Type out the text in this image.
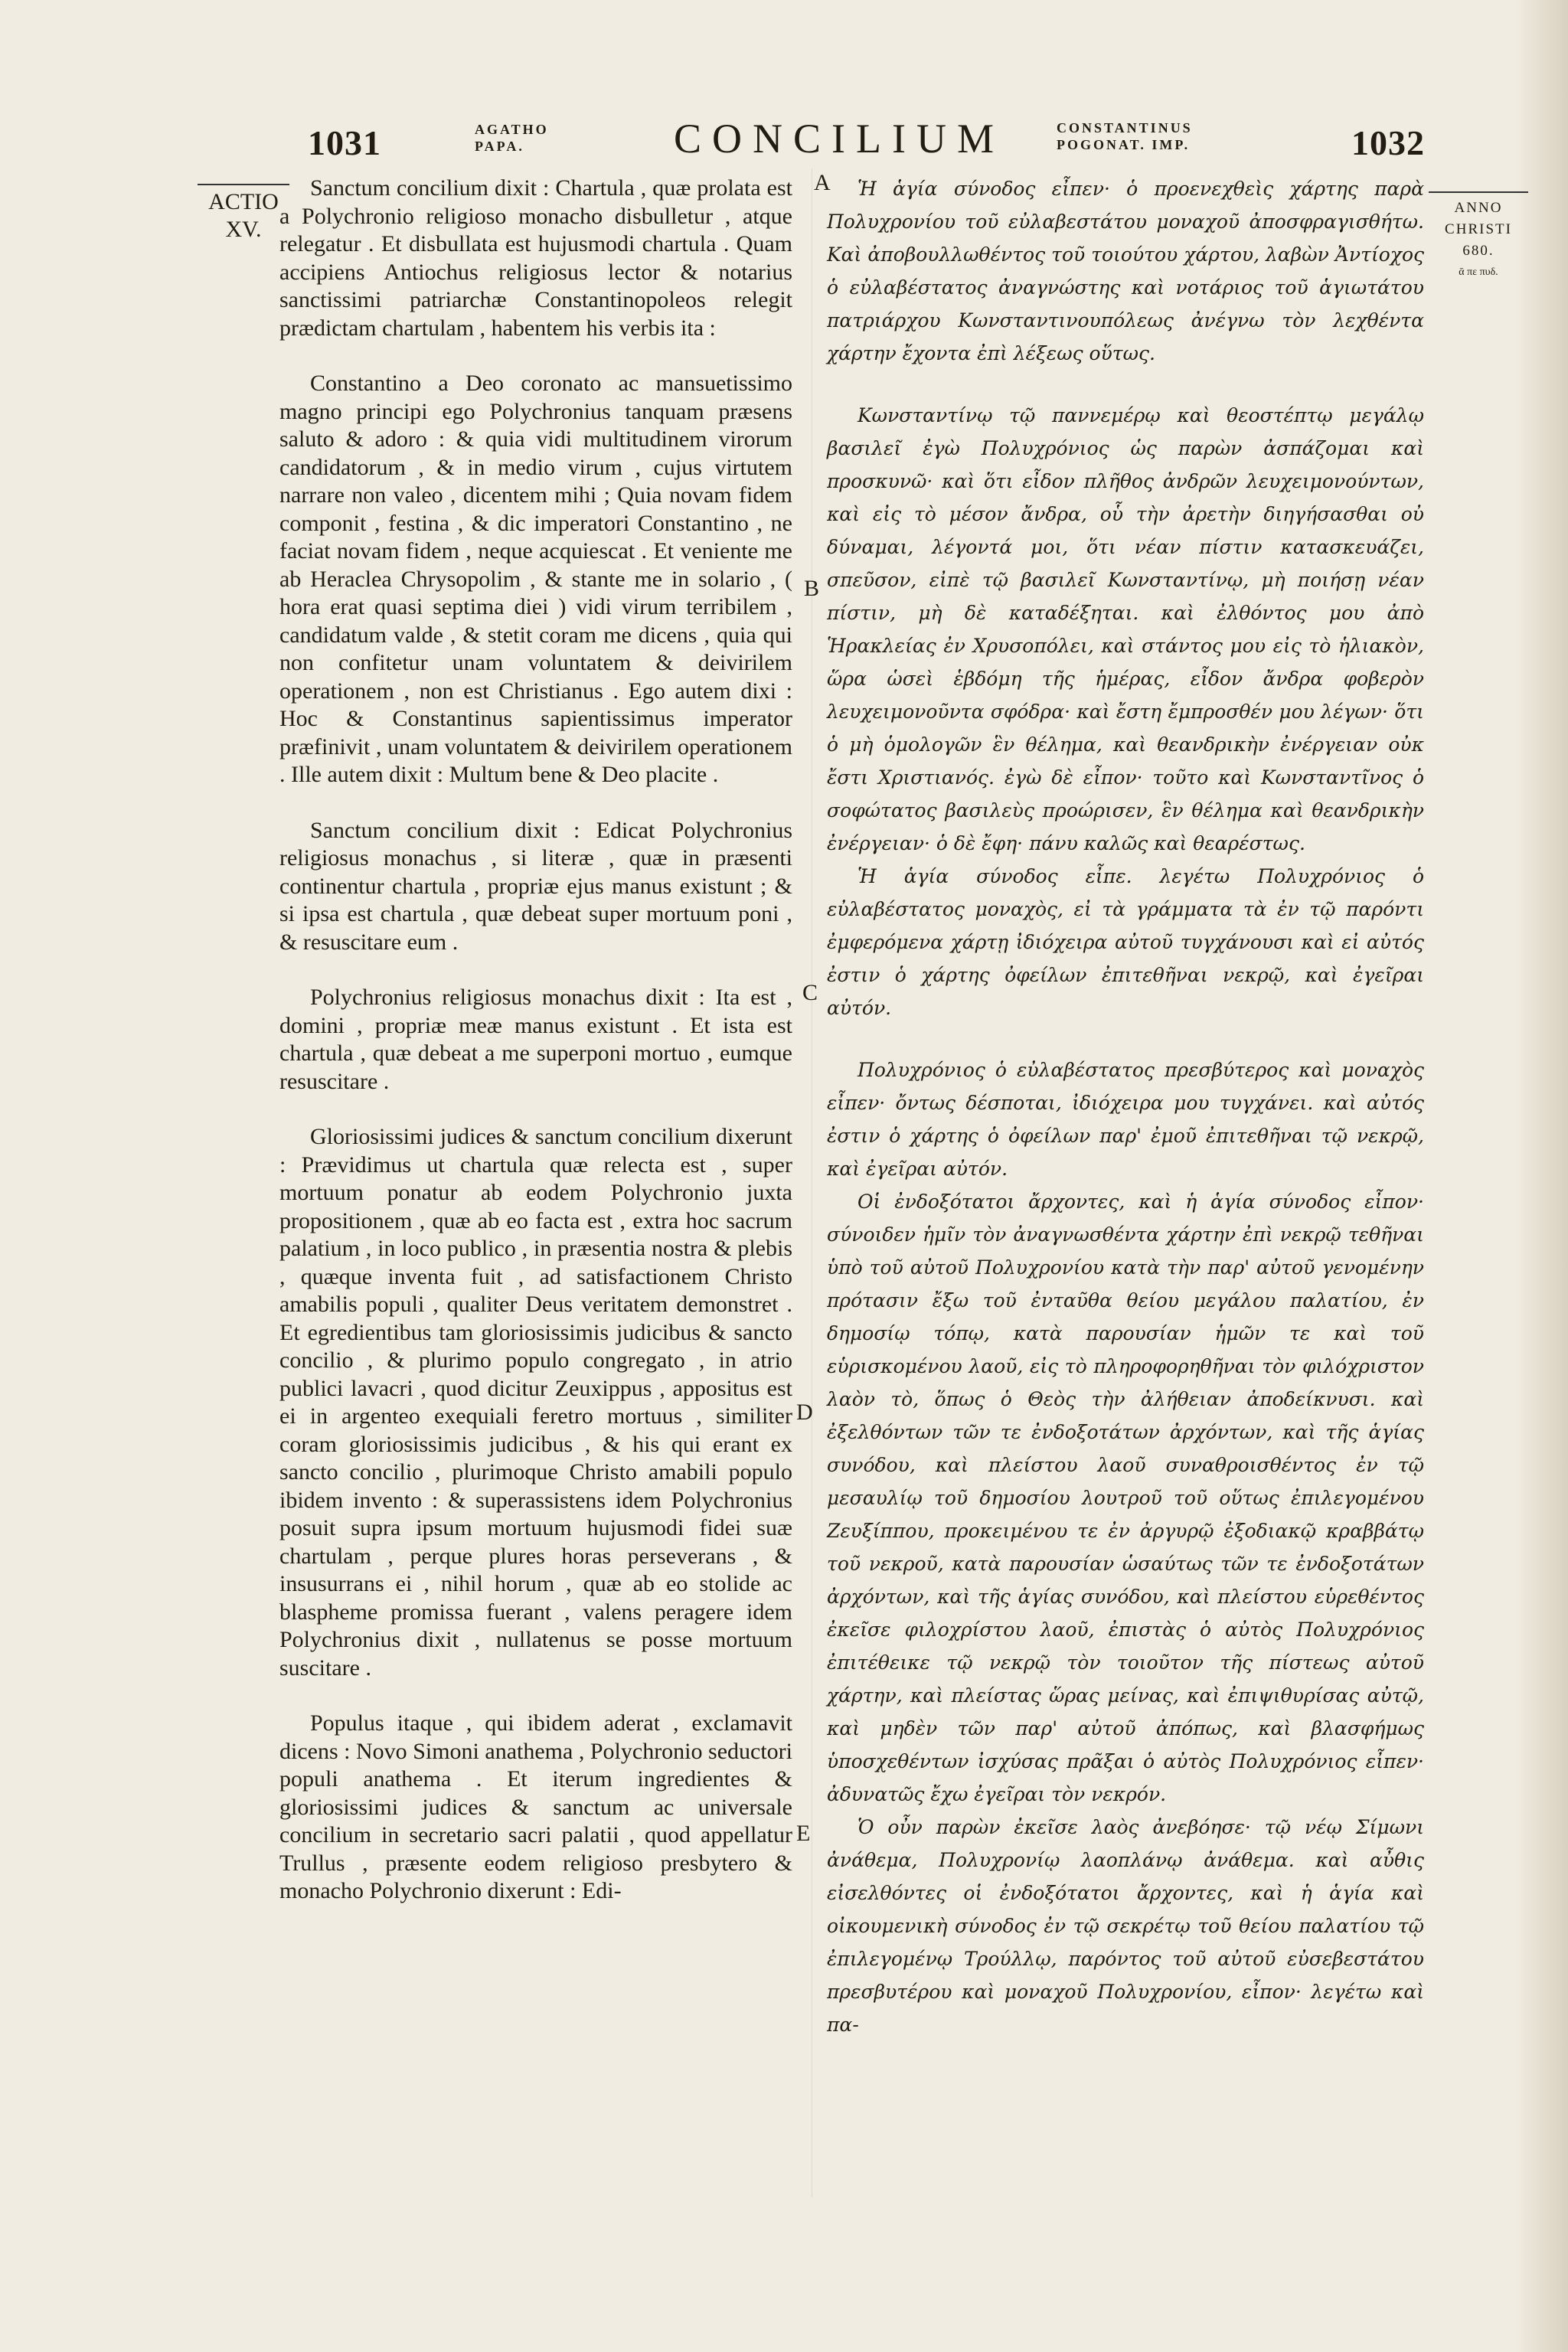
1031	AGATHO
PAPA.	CONCILIUM	CONSTANTINUS
POGONAT. IMP.	1032
ACTIO
XV.
ANNO
CHRISTI
680.
ᾱ πε πυδ.
A
B
C
D
E

Sanctum concilium dixit : Chartula , quæ prolata est a Polychronio religioso monacho disbulletur , atque relegatur . Et disbullata est hujusmodi chartula . Quam accipiens Antiochus religiosus lector & notarius sanctissimi patriarchæ Constantinopoleos relegit prædictam chartulam , habentem his verbis ita :

Constantino a Deo coronato ac mansuetissimo magno principi ego Polychronius tanquam præsens saluto & adoro : & quia vidi multitudinem virorum candidatorum , & in medio virum , cujus virtutem narrare non valeo , dicentem mihi ; Quia novam fidem componit , festina , & dic imperatori Constantino , ne faciat novam fidem , neque acquiescat . Et veniente me ab Heraclea Chrysopolim , & stante me in solario , ( hora erat quasi septima diei ) vidi virum terribilem , candidatum valde , & stetit coram me dicens , quia qui non confitetur unam voluntatem & deivirilem operationem , non est Christianus . Ego autem dixi : Hoc & Constantinus sapientissimus imperator præfinivit , unam voluntatem & deivirilem operationem . Ille autem dixit : Multum bene & Deo placite .

Sanctum concilium dixit : Edicat Polychronius religiosus monachus , si literæ , quæ in præsenti continentur chartula , propriæ ejus manus existunt ; & si ipsa est chartula , quæ debeat super mortuum poni , & resuscitare eum .

Polychronius religiosus monachus dixit : Ita est , domini , propriæ meæ manus existunt . Et ista est chartula , quæ debeat a me superponi mortuo , eumque resuscitare .

Gloriosissimi judices & sanctum concilium dixerunt : Prævidimus ut chartula quæ relecta est , super mortuum ponatur ab eodem Polychronio juxta propositionem , quæ ab eo facta est , extra hoc sacrum palatium , in loco publico , in præsentia nostra & plebis , quæque inventa fuit , ad satisfactionem Christo amabilis populi , qualiter Deus veritatem demonstret . Et egredientibus tam gloriosissimis judicibus & sancto concilio , & plurimo populo congregato , in atrio publici lavacri , quod dicitur Zeuxippus , appositus est ei in argenteo exequiali feretro mortuus , similiter coram gloriosissimis judicibus , & his qui erant ex sancto concilio , plurimoque Christo amabili populo ibidem invento : & superassistens idem Polychronius posuit supra ipsum mortuum hujusmodi fidei suæ chartulam , perque plures horas perseverans , & insusurrans ei , nihil horum , quæ ab eo stolide ac blaspheme promissa fuerant , valens peragere idem Polychronius dixit , nullatenus se posse mortuum suscitare .

Populus itaque , qui ibidem aderat , exclamavit dicens : Novo Simoni anathema , Polychronio seductori populi anathema . Et iterum ingredientes & gloriosissimi judices & sanctum ac universale concilium in secretario sacri palatii , quod appellatur Trullus , præsente eodem religioso presbytero & monacho Polychronio dixerunt : Edi-

Ἡ ἁγία σύνοδος εἶπεν· ὁ προενεχθεὶς χάρτης παρὰ Πολυχρονίου τοῦ εὐλαβεστάτου μοναχοῦ ἀποσφραγισθήτω. Καὶ ἀποβουλλωθέντος τοῦ τοιούτου χάρτου, λαβὼν Ἀντίοχος ὁ εὐλαβέστατος ἀναγνώστης καὶ νοτάριος τοῦ ἁγιωτάτου πατριάρχου Κωνσταντινουπόλεως ἀνέγνω τὸν λεχθέντα χάρτην ἔχοντα ἐπὶ λέξεως οὕτως.

Κωνσταντίνῳ τῷ παννεμέρῳ καὶ θεοστέπτῳ μεγάλῳ βασιλεῖ ἐγὼ Πολυχρόνιος ὡς παρὼν ἀσπάζομαι καὶ προσκυνῶ· καὶ ὅτι εἶδον πλῆθος ἀνδρῶν λευχειμονούντων, καὶ εἰς τὸ μέσον ἄνδρα, οὗ τὴν ἀρετὴν διηγήσασθαι οὐ δύναμαι, λέγοντά μοι, ὅτι νέαν πίστιν κατασκευάζει, σπεῦσον, εἰπὲ τῷ βασιλεῖ Κωνσταντίνῳ, μὴ ποιήσῃ νέαν πίστιν, μὴ δὲ καταδέξηται. καὶ ἐλθόντος μου ἀπὸ Ἡρακλείας ἐν Χρυσοπόλει, καὶ στάντος μου εἰς τὸ ἡλιακὸν, ὥρα ὡσεὶ ἑβδόμη τῆς ἡμέρας, εἶδον ἄνδρα φοβερὸν λευχειμονοῦντα σφόδρα· καὶ ἔστη ἔμπροσθέν μου λέγων· ὅτι ὁ μὴ ὁμολογῶν ἓν θέλημα, καὶ θεανδρικὴν ἐνέργειαν οὐκ ἔστι Χριστιανός. ἐγὼ δὲ εἶπον· τοῦτο καὶ Κωνσταντῖνος ὁ σοφώτατος βασιλεὺς προώρισεν, ἓν θέλημα καὶ θεανδρικὴν ἐνέργειαν· ὁ δὲ ἔφη· πάνυ καλῶς καὶ θεαρέστως.

Ἡ ἁγία σύνοδος εἶπε. λεγέτω Πολυχρόνιος ὁ εὐλαβέστατος μοναχὸς, εἰ τὰ γράμματα τὰ ἐν τῷ παρόντι ἐμφερόμενα χάρτῃ ἰδιόχειρα αὐτοῦ τυγχάνουσι καὶ εἰ αὐτός ἐστιν ὁ χάρτης ὀφείλων ἐπιτεθῆναι νεκρῷ, καὶ ἐγεῖραι αὐτόν.

Πολυχρόνιος ὁ εὐλαβέστατος πρεσβύτερος καὶ μοναχὸς εἶπεν· ὄντως δέσποται, ἰδιόχειρα μου τυγχάνει. καὶ αὐτός ἐστιν ὁ χάρτης ὁ ὀφείλων παρ' ἐμοῦ ἐπιτεθῆναι τῷ νεκρῷ, καὶ ἐγεῖραι αὐτόν.

Οἱ ἐνδοξότατοι ἄρχοντες, καὶ ἡ ἁγία σύνοδος εἶπον· σύνοιδεν ἡμῖν τὸν ἀναγνωσθέντα χάρτην ἐπὶ νεκρῷ τεθῆναι ὑπὸ τοῦ αὐτοῦ Πολυχρονίου κατὰ τὴν παρ' αὐτοῦ γενομένην πρότασιν ἔξω τοῦ ἐνταῦθα θείου μεγάλου παλατίου, ἐν δημοσίῳ τόπῳ, κατὰ παρουσίαν ἡμῶν τε καὶ τοῦ εὑρισκομένου λαοῦ, εἰς τὸ πληροφορηθῆναι τὸν φιλόχριστον λαὸν τὸ, ὅπως ὁ Θεὸς τὴν ἀλήθειαν ἀποδείκνυσι. καὶ ἐξελθόντων τῶν τε ἐνδοξοτάτων ἀρχόντων, καὶ τῆς ἁγίας συνόδου, καὶ πλείστου λαοῦ συναθροισθέντος ἐν τῷ μεσαυλίῳ τοῦ δημοσίου λουτροῦ τοῦ οὕτως ἐπιλεγομένου Ζευξίππου, προκειμένου τε ἐν ἀργυρῷ ἐξοδιακῷ κραββάτῳ τοῦ νεκροῦ, κατὰ παρουσίαν ὡσαύτως τῶν τε ἐνδοξοτάτων ἀρχόντων, καὶ τῆς ἁγίας συνόδου, καὶ πλείστου εὑρεθέντος ἐκεῖσε φιλοχρίστου λαοῦ, ἐπιστὰς ὁ αὐτὸς Πολυχρόνιος ἐπιτέθεικε τῷ νεκρῷ τὸν τοιοῦτον τῆς πίστεως αὐτοῦ χάρτην, καὶ πλείστας ὥρας μείνας, καὶ ἐπιψιθυρίσας αὐτῷ, καὶ μηδὲν τῶν παρ' αὐτοῦ ἀπόπως, καὶ βλασφήμως ὑποσχεθέντων ἰσχύσας πρᾶξαι ὁ αὐτὸς Πολυχρόνιος εἶπεν· ἀδυνατῶς ἔχω ἐγεῖραι τὸν νεκρόν.

Ὁ οὖν παρὼν ἐκεῖσε λαὸς ἀνεβόησε· τῷ νέῳ Σίμωνι ἀνάθεμα, Πολυχρονίῳ λαοπλάνῳ ἀνάθεμα. καὶ αὖθις εἰσελθόντες οἱ ἐνδοξότατοι ἄρχοντες, καὶ ἡ ἁγία καὶ οἰκουμενικὴ σύνοδος ἐν τῷ σεκρέτῳ τοῦ θείου παλατίου τῷ ἐπιλεγομένῳ Τρούλλῳ, παρόντος τοῦ αὐτοῦ εὐσεβεστάτου πρεσβυτέρου καὶ μοναχοῦ Πολυχρονίου, εἶπον· λεγέτω καὶ πα-
